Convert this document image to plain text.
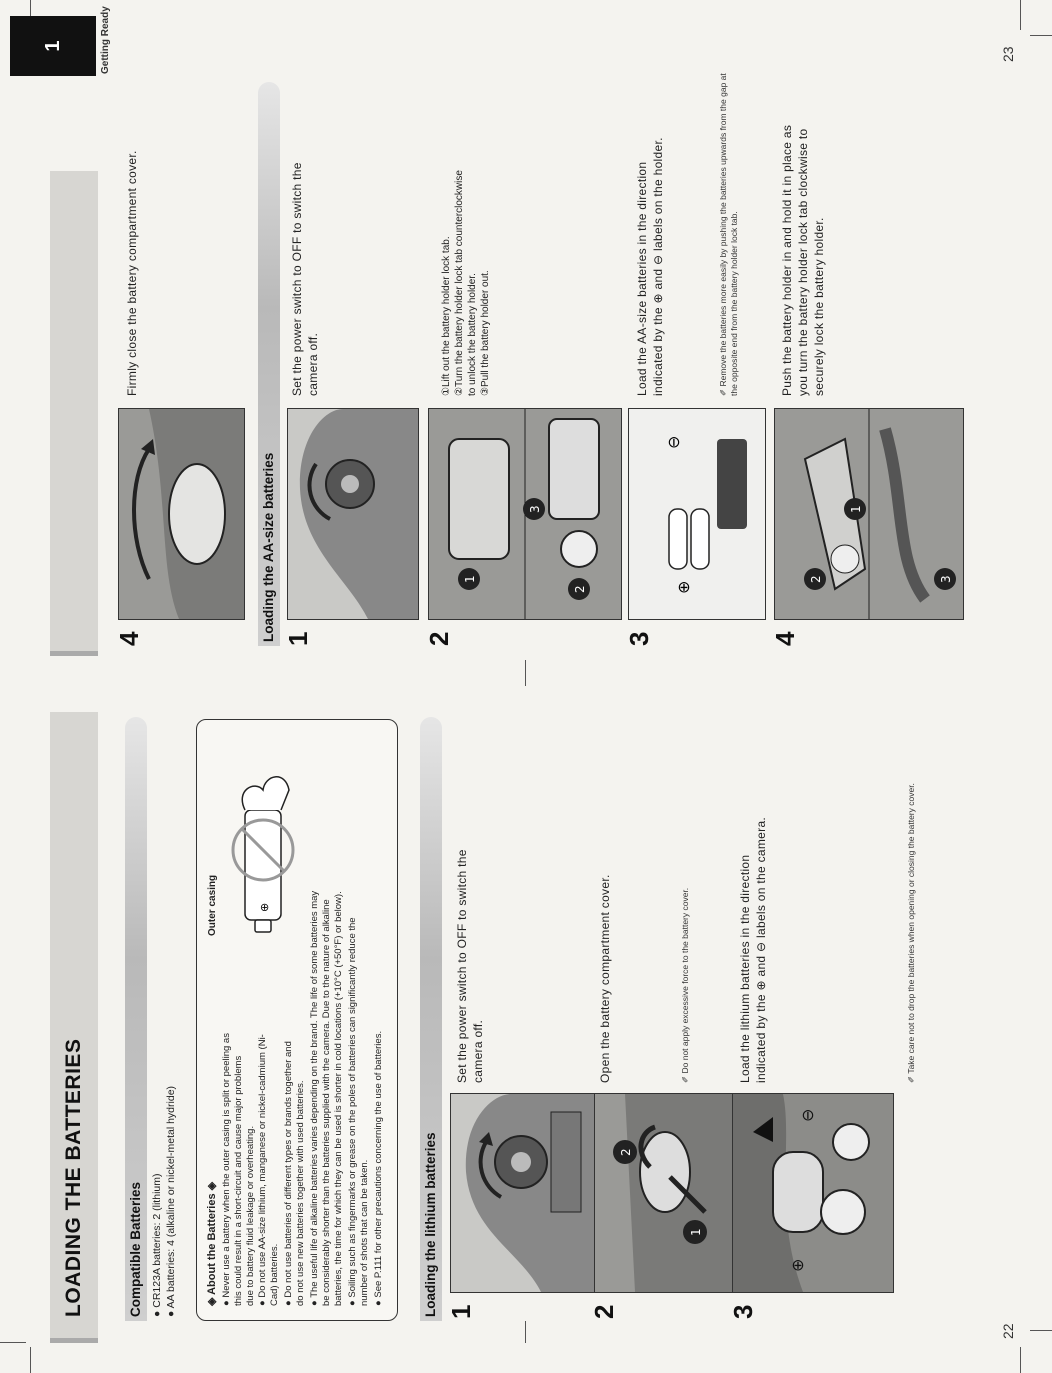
22
LOADING THE BATTERIES	Compatible Batteries ● CR123A batteries: 2 (lithium) ● AA batteries: 4 (alkaline or nickel-metal hydride)	◈ About the Batteries ◈ ● Never use a battery when the outer casing is split or peeling as this could result in a short-circuit and cause major problems due to battery fluid leakage or overheating. ● Do not use AA-size lithium, manganese or nickel-cadmium (Ni- Cad) batteries. ● Do not use batteries of different types or brands together and do not use new batteries together with used batteries. ● The useful life of alkaline batteries varies depending on the brand. The life of some batteries may be considerably shorter than the batteries supplied with the camera. Due to the nature of alkaline batteries, the time for which they can be used is shorter in cold locations (+10°C (+50°F) or below). ● Soiling such as fingermarks or grease on the poles of batteries can significantly reduce the number of shots that can be taken. ● See P.111 for other precautions concerning the use of batteries.
Outer casing	⊕
Loading the lithium batteries 1
Set the power switch to OFF to switch the camera off.
2
1
2
Open the battery compartment cover.	✐ Do not apply excessive force to the battery cover.
3
⊕
⊖
Load the lithium batteries in the direction indicated by the ⊕ and ⊖ labels on the camera.	✐ Take care not to drop the batteries when opening or closing the battery cover.
23
1	Getting Ready
4
Firmly close the battery compartment cover.
Loading the AA-size batteries 1
Set the power switch to OFF to switch the camera off.
2
1
2
3
①Lift out the battery holder lock tab. ②Turn the battery holder lock tab counterclockwise to unlock the battery holder. ③Pull the battery holder out.
3
⊕
⊖
Load the AA-size batteries in the direction indicated by the ⊕ and ⊖ labels on the holder.	✐ Remove the batteries more easily by pushing the batteries upwards from the gap at the opposite end from the battery holder lock tab.
4
2
1
3
Push the battery holder in and hold it in place as you turn the battery holder lock tab clockwise to securely lock the battery holder.
